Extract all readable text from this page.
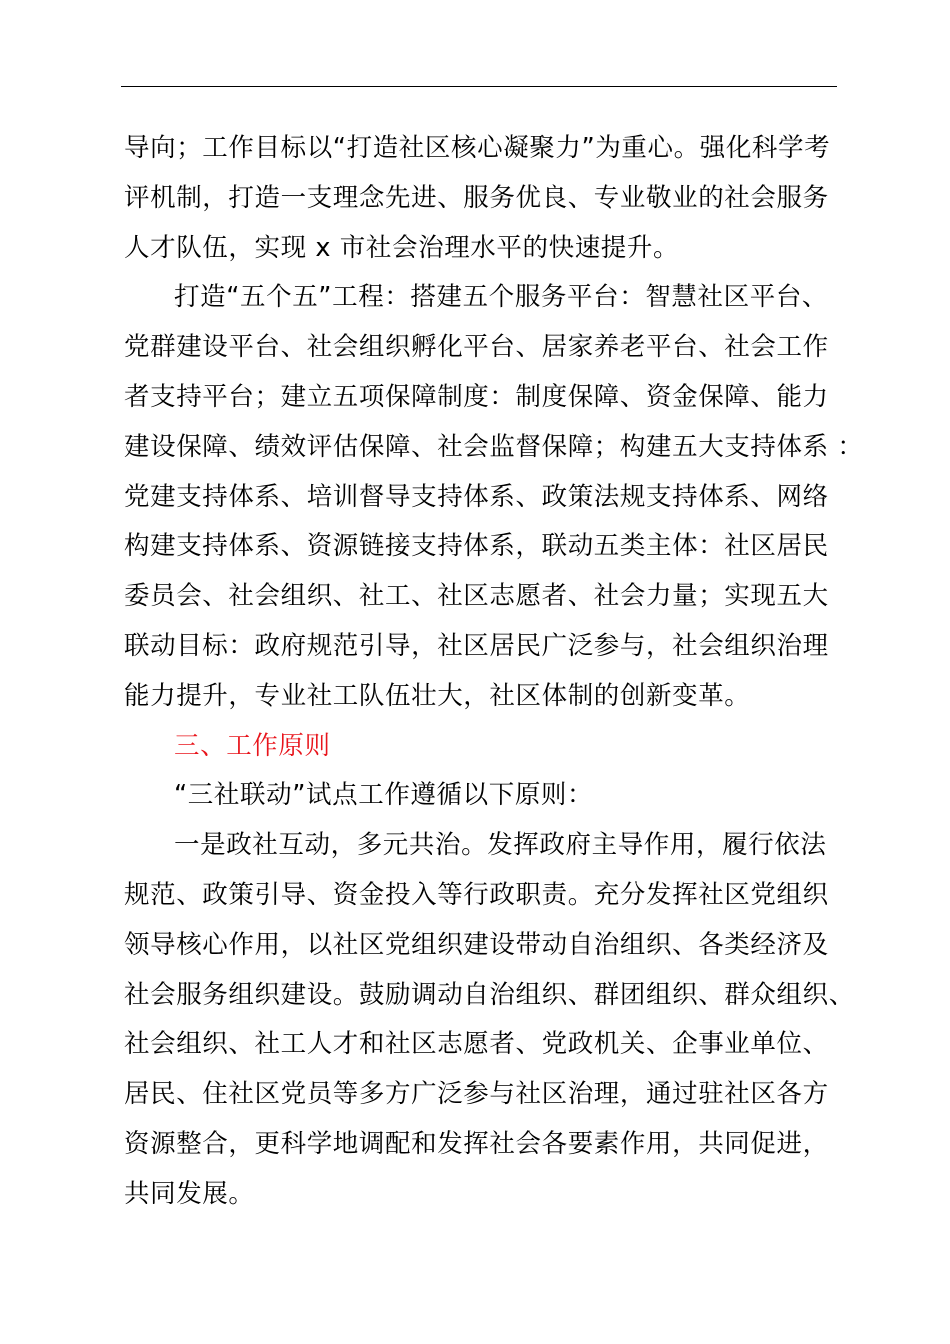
导向；工作目标以“打造社区核心凝聚力”为重心。强化科学考
评机制，打造一支理念先进、服务优良、专业敬业的社会服务
人才队伍，实现 x 市社会治理水平的快速提升。
打造“五个五”工程：搭建五个服务平台：智慧社区平台、
党群建设平台、社会组织孵化平台、居家养老平台、社会工作
者支持平台；建立五项保障制度：制度保障、资金保障、能力
建设保障、绩效评估保障、社会监督保障；构建五大支持体系 ：
党建支持体系、培训督导支持体系、政策法规支持体系、网络
构建支持体系、资源链接支持体系，联动五类主体：社区居民
委员会、社会组织、社工、社区志愿者、社会力量；实现五大
联动目标：政府规范引导，社区居民广泛参与，社会组织治理
能力提升，专业社工队伍壮大，社区体制的创新变革。
三、工作原则
“三社联动”试点工作遵循以下原则：
一是政社互动，多元共治。发挥政府主导作用，履行依法
规范、政策引导、资金投入等行政职责。充分发挥社区党组织
领导核心作用，以社区党组织建设带动自治组织、各类经济及
社会服务组织建设。鼓励调动自治组织、群团组织、群众组织、
社会组织、社工人才和社区志愿者、党政机关、企事业单位、
居民、住社区党员等多方广泛参与社区治理，通过驻社区各方
资源整合，更科学地调配和发挥社会各要素作用，共同促进，
共同发展。
